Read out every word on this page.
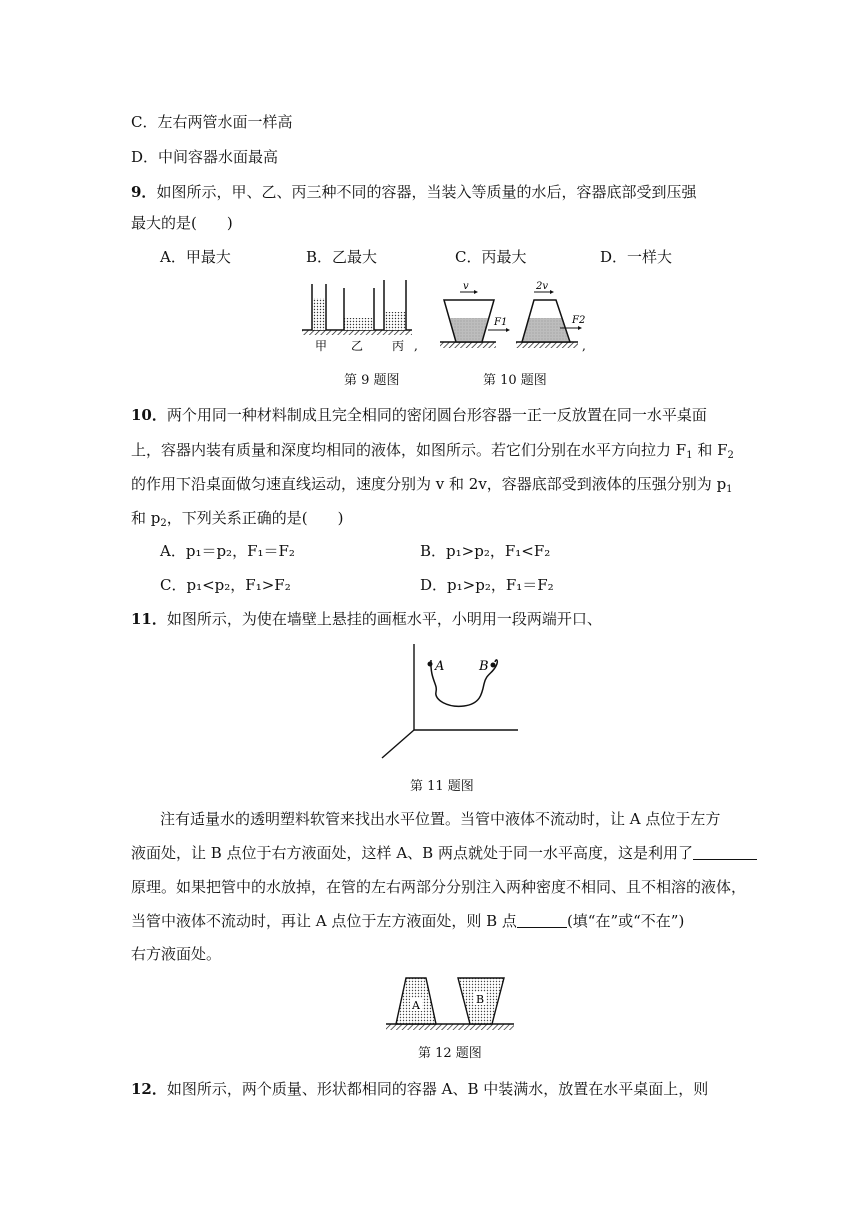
C．左右两管水面一样高
D．中间容器水面最高
9．如图所示，甲、乙、丙三种不同的容器，当装入等质量的水后，容器底部受到压强
最大的是(　　)
A．甲最大	B．乙最大	C．丙最大	D．一样大
甲 乙 丙 ,
v
F1
2v
F2
,
第 9 题图	第 10 题图
10．两个用同一种材料制成且完全相同的密闭圆台形容器一正一反放置在同一水平桌面
上，容器内装有质量和深度均相同的液体，如图所示。若它们分别在水平方向拉力 $F_1$ 和 $F_2$
的作用下沿桌面做匀速直线运动，速度分别为 v 和 2v，容器底部受到液体的压强分别为 $p_1$
和 $p_2$，下列关系正确的是(　　)
A．p₁＝p₂，F₁＝F₂	B．p₁>p₂，F₁<F₂
C．p₁<p₂，F₁>F₂	D．p₁>p₂，F₁＝F₂
11．如图所示，为使在墙壁上悬挂的画框水平，小明用一段两端开口、
A	B
第 11 题图
注有适量水的透明塑料软管来找出水平位置。当管中液体不流动时，让 A 点位于左方
液面处，让 B 点位于右方液面处，这样 A、B 两点就处于同一水平高度，这是利用了
原理。如果把管中的水放掉，在管的左右两部分分别注入两种密度不相同、且不相溶的液体，
当管中液体不流动时，再让 A 点位于左方液面处，则 B 点	(填“在”或“不在”)
右方液面处。
A	B
第 12 题图
12．如图所示，两个质量、形状都相同的容器 A、B 中装满水，放置在水平桌面上，则
